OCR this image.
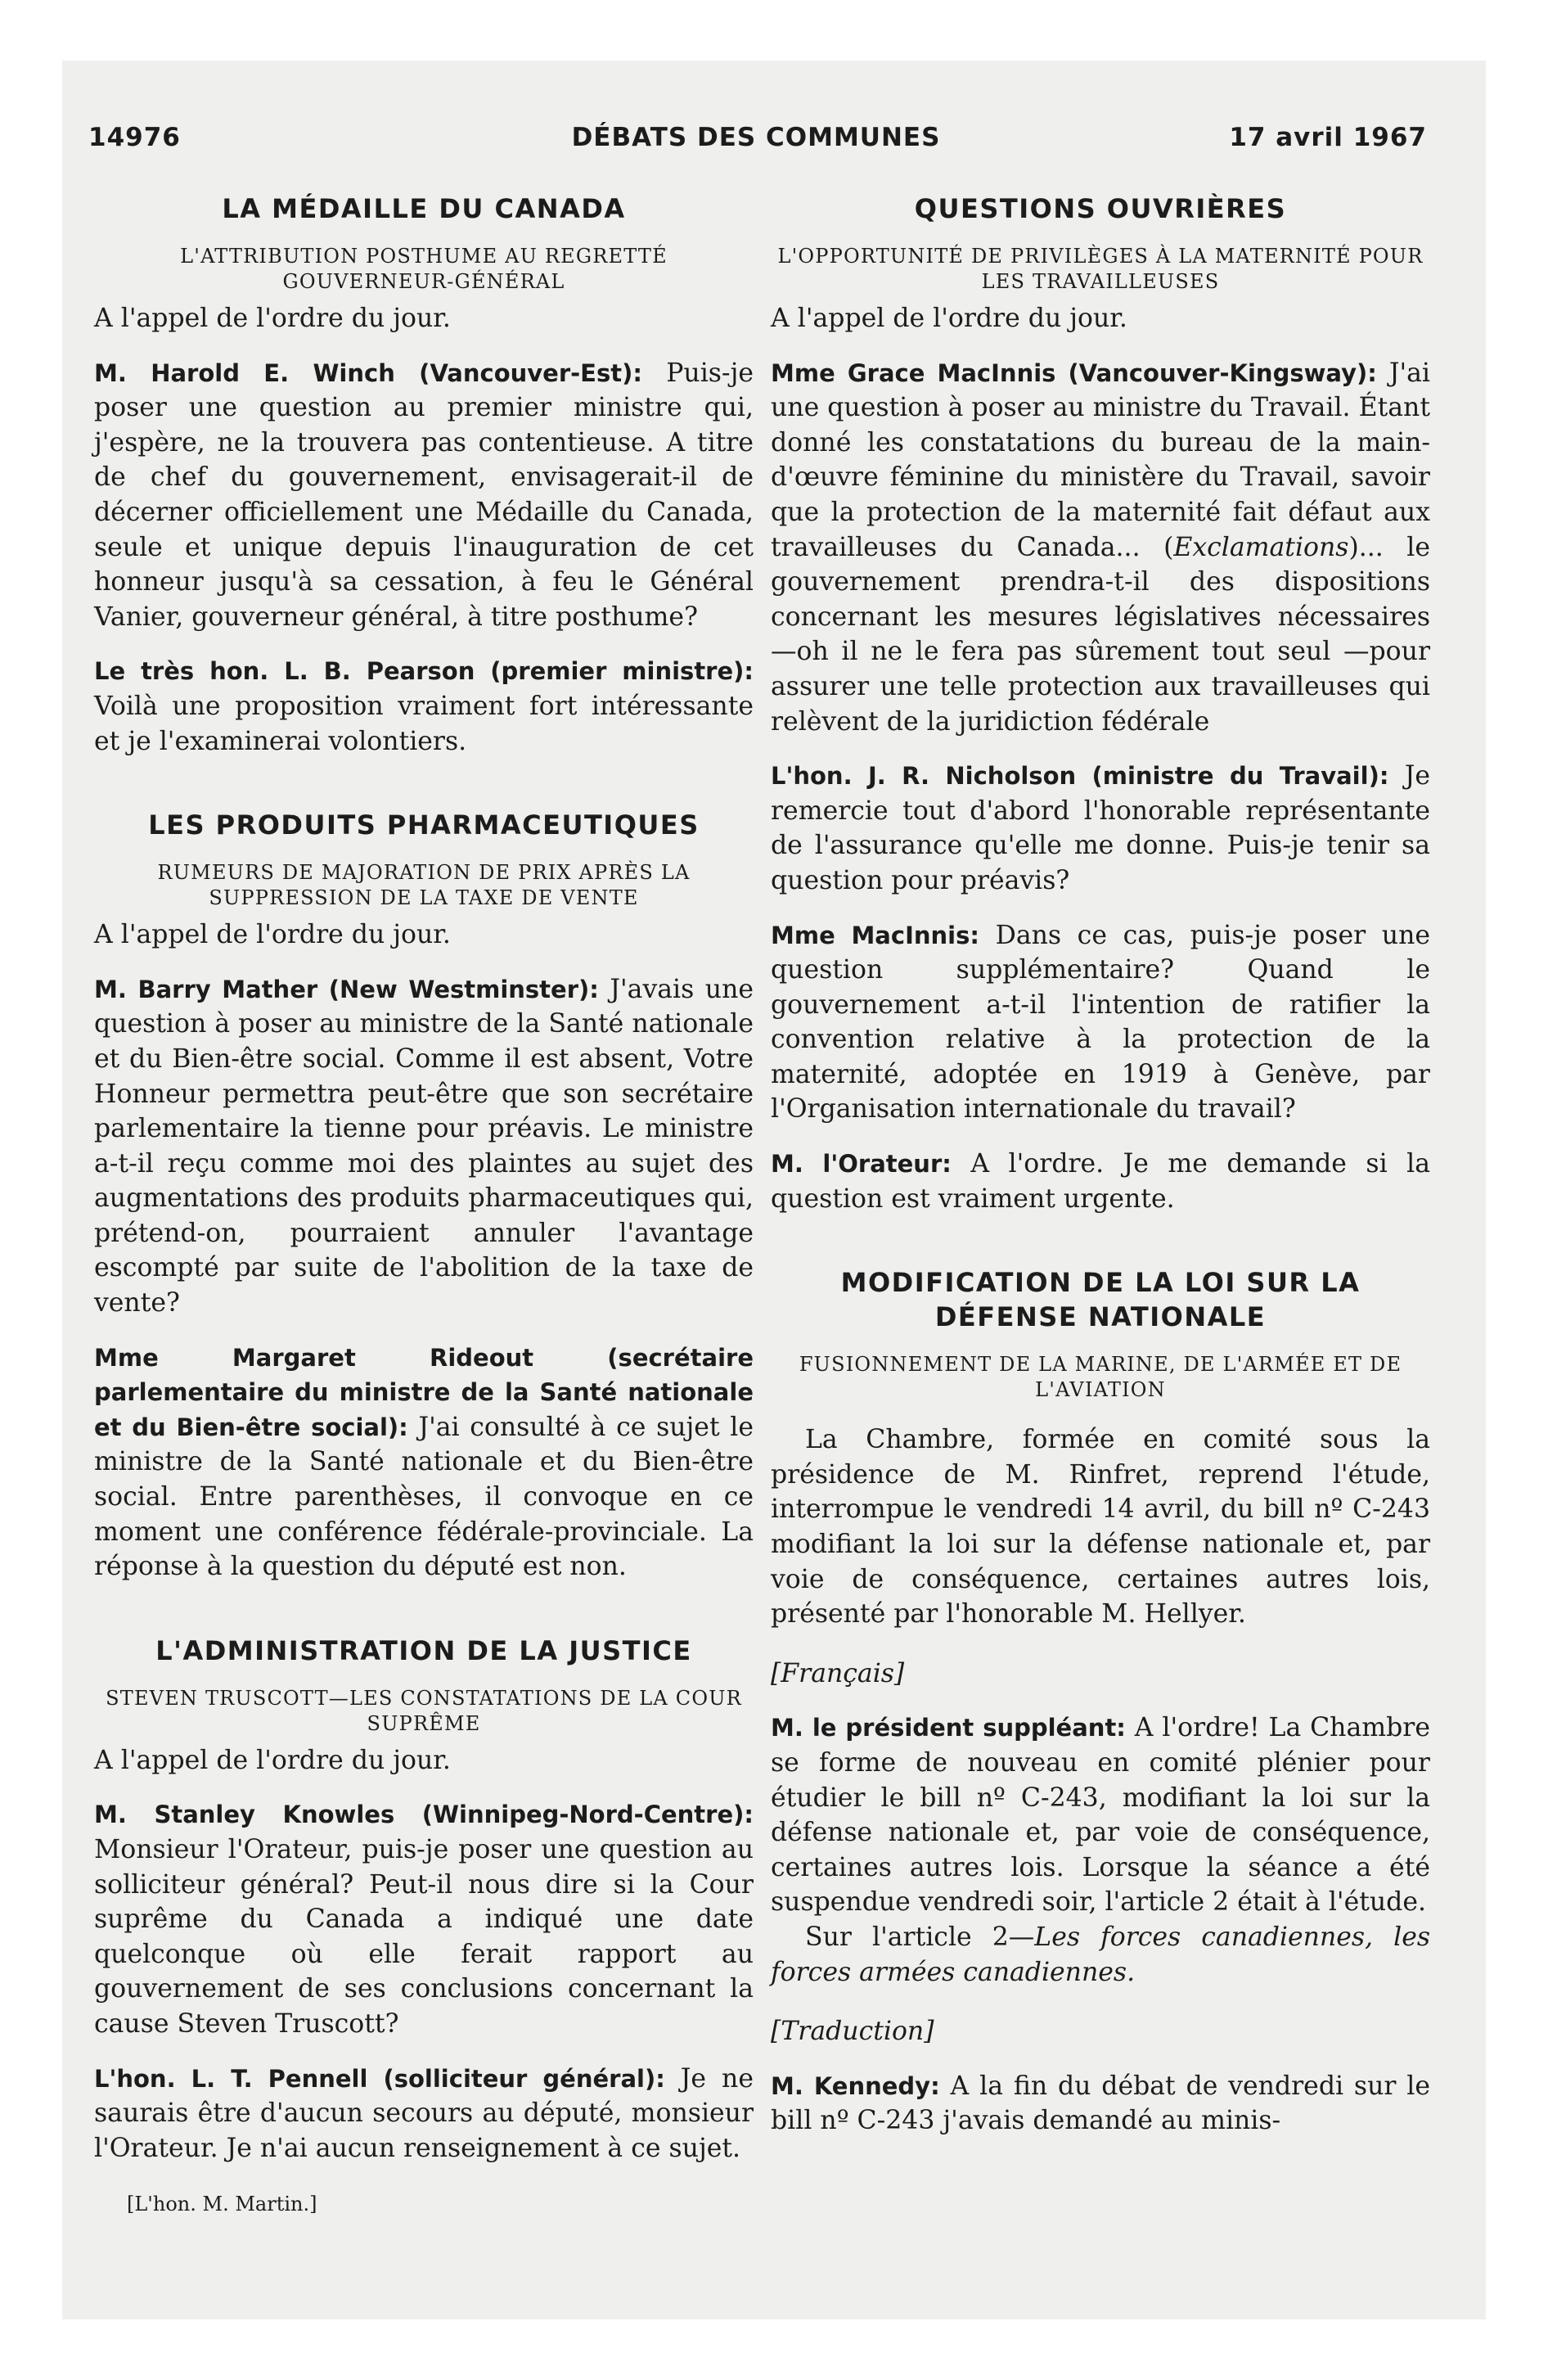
14976	DÉBATS DES COMMUNES	17 avril 1967
LA MÉDAILLE DU CANADA
L'ATTRIBUTION POSTHUME AU REGRETTÉ GOUVERNEUR-GÉNÉRAL

A l'appel de l'ordre du jour.

M. Harold E. Winch (Vancouver-Est): Puis-je poser une question au premier ministre qui, j'espère, ne la trouvera pas contentieuse. A titre de chef du gouvernement, envisagerait-il de décerner officiellement une Médaille du Canada, seule et unique depuis l'inauguration de cet honneur jusqu'à sa cessation, à feu le Général Vanier, gouverneur général, à titre posthume?

Le très hon. L. B. Pearson (premier ministre): Voilà une proposition vraiment fort intéressante et je l'examinerai volontiers.

LES PRODUITS PHARMACEUTIQUES
RUMEURS DE MAJORATION DE PRIX APRÈS LA SUPPRESSION DE LA TAXE DE VENTE

A l'appel de l'ordre du jour.

M. Barry Mather (New Westminster): J'avais une question à poser au ministre de la Santé nationale et du Bien-être social. Comme il est absent, Votre Honneur permettra peut-être que son secrétaire parlementaire la tienne pour préavis. Le ministre a-t-il reçu comme moi des plaintes au sujet des augmentations des produits pharmaceutiques qui, prétend-on, pourraient annuler l'avantage escompté par suite de l'abolition de la taxe de vente?

Mme Margaret Rideout (secrétaire parlementaire du ministre de la Santé nationale et du Bien-être social): J'ai consulté à ce sujet le ministre de la Santé nationale et du Bien-être social. Entre parenthèses, il convoque en ce moment une conférence fédérale-provinciale. La réponse à la question du député est non.

L'ADMINISTRATION DE LA JUSTICE
STEVEN TRUSCOTT—LES CONSTATATIONS DE LA COUR SUPRÊME

A l'appel de l'ordre du jour.

M. Stanley Knowles (Winnipeg-Nord-Centre): Monsieur l'Orateur, puis-je poser une question au solliciteur général? Peut-il nous dire si la Cour suprême du Canada a indiqué une date quelconque où elle ferait rapport au gouvernement de ses conclusions concernant la cause Steven Truscott?

L'hon. L. T. Pennell (solliciteur général): Je ne saurais être d'aucun secours au député, monsieur l'Orateur. Je n'ai aucun renseignement à ce sujet.

[L'hon. M. Martin.]
QUESTIONS OUVRIÈRES
L'OPPORTUNITÉ DE PRIVILÈGES À LA MATERNITÉ POUR LES TRAVAILLEUSES

A l'appel de l'ordre du jour.

Mme Grace MacInnis (Vancouver-Kingsway): J'ai une question à poser au ministre du Travail. Étant donné les constatations du bureau de la main-d'œuvre féminine du ministère du Travail, savoir que la protection de la maternité fait défaut aux travailleuses du Canada... (Exclamations)... le gouvernement prendra-t-il des dispositions concernant les mesures législatives nécessaires —oh il ne le fera pas sûrement tout seul —pour assurer une telle protection aux travailleuses qui relèvent de la juridiction fédérale

L'hon. J. R. Nicholson (ministre du Travail): Je remercie tout d'abord l'honorable représentante de l'assurance qu'elle me donne. Puis-je tenir sa question pour préavis?

Mme MacInnis: Dans ce cas, puis-je poser une question supplémentaire? Quand le gouvernement a-t-il l'intention de ratifier la convention relative à la protection de la maternité, adoptée en 1919 à Genève, par l'Organisation internationale du travail?

M. l'Orateur: A l'ordre. Je me demande si la question est vraiment urgente.

MODIFICATION DE LA LOI SUR LA DÉFENSE NATIONALE
FUSIONNEMENT DE LA MARINE, DE L'ARMÉE ET DE L'AVIATION

La Chambre, formée en comité sous la présidence de M. Rinfret, reprend l'étude, interrompue le vendredi 14 avril, du bill nº C-243 modifiant la loi sur la défense nationale et, par voie de conséquence, certaines autres lois, présenté par l'honorable M. Hellyer.

[Français]

M. le président suppléant: A l'ordre! La Chambre se forme de nouveau en comité plénier pour étudier le bill nº C-243, modifiant la loi sur la défense nationale et, par voie de conséquence, certaines autres lois. Lorsque la séance a été suspendue vendredi soir, l'article 2 était à l'étude.

Sur l'article 2—Les forces canadiennes, les forces armées canadiennes.

[Traduction]

M. Kennedy: A la fin du débat de vendredi sur le bill nº C-243 j'avais demandé au minis-
